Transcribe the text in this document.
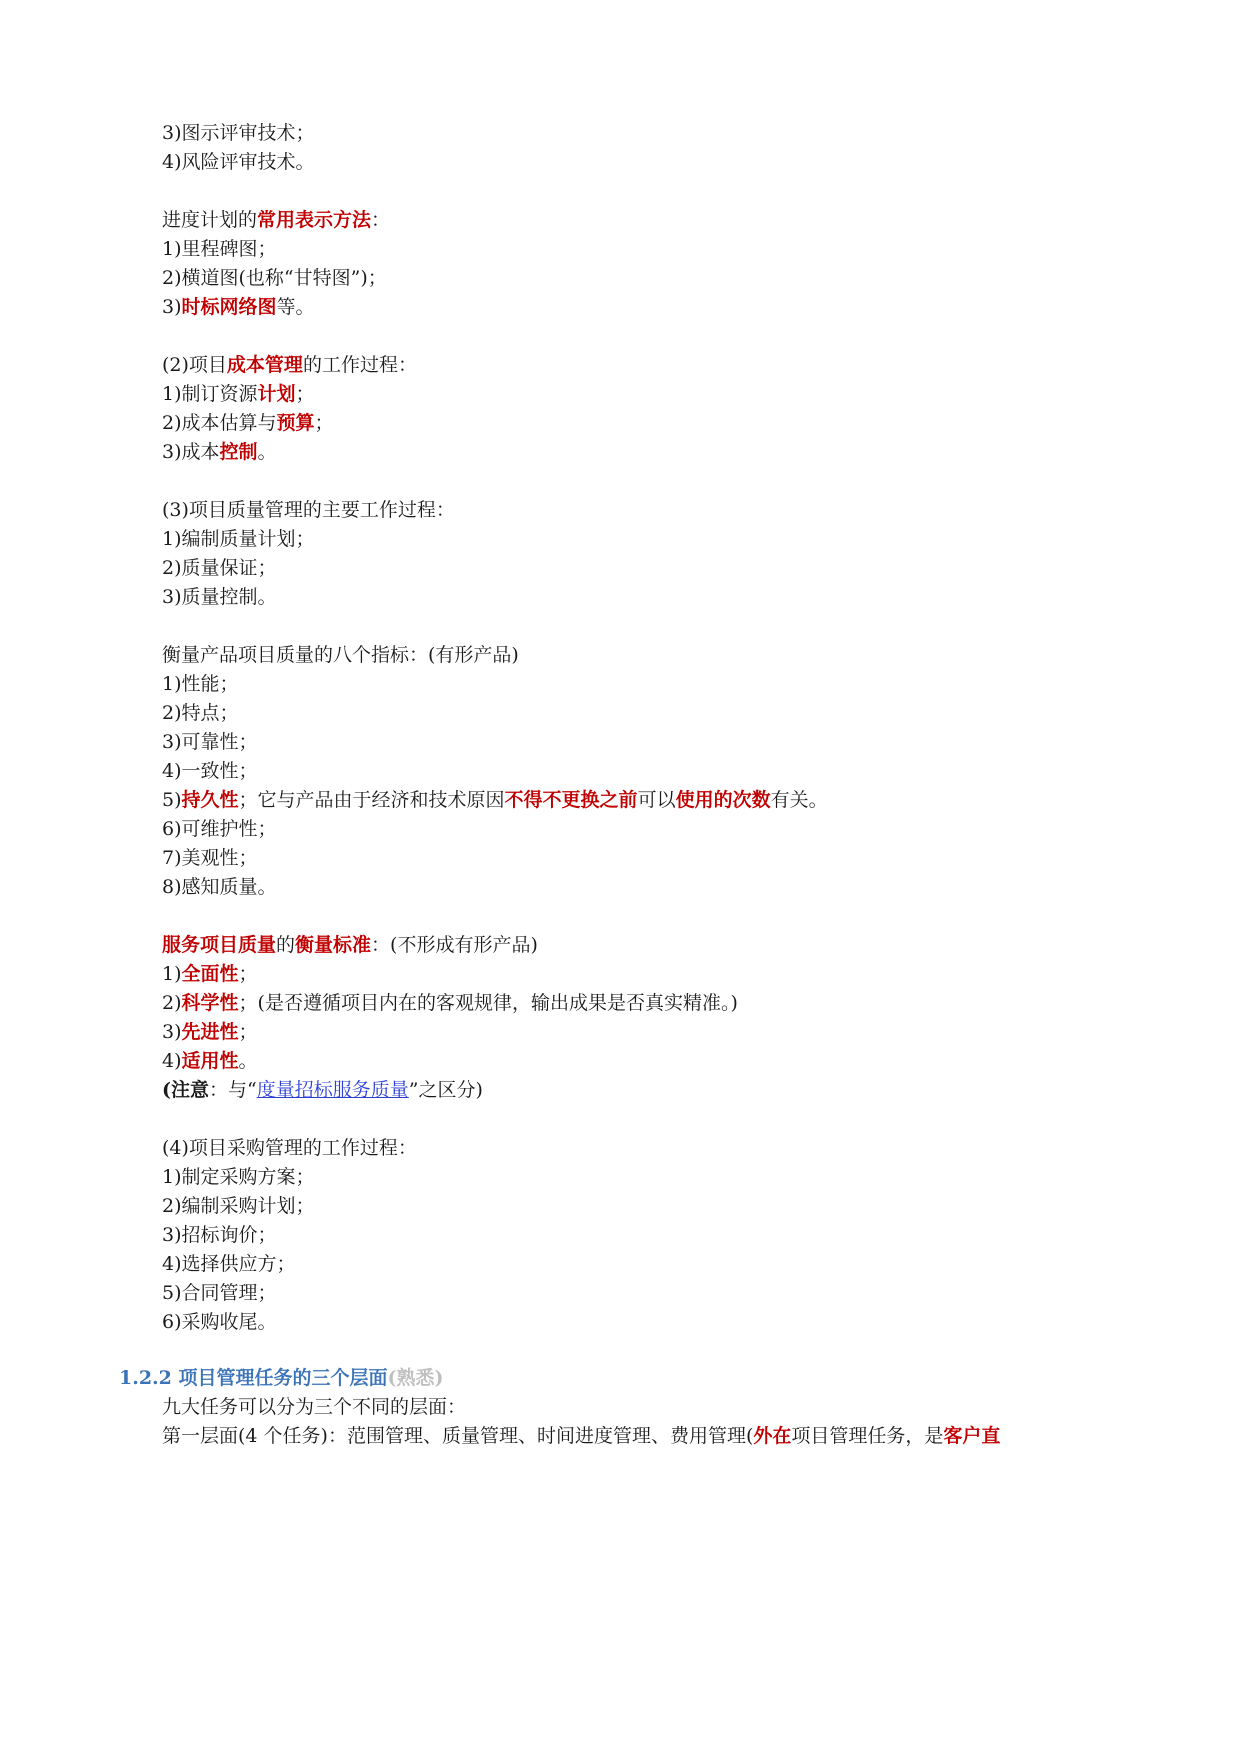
3)图示评审技术；
4)风险评审技术。
进度计划的常用表示方法：
1)里程碑图；
2)横道图(也称“甘特图”)；
3)时标网络图等。
(2)项目成本管理的工作过程：
1)制订资源计划；
2)成本估算与预算；
3)成本控制。
(3)项目质量管理的主要工作过程：
1)编制质量计划；
2)质量保证；
3)质量控制。
衡量产品项目质量的八个指标：(有形产品)
1)性能；
2)特点；
3)可靠性；
4)一致性；
5)持久性；它与产品由于经济和技术原因不得不更换之前可以使用的次数有关。
6)可维护性；
7)美观性；
8)感知质量。
服务项目质量的衡量标准：(不形成有形产品)
1)全面性；
2)科学性；(是否遵循项目内在的客观规律，输出成果是否真实精准。)
3)先进性；
4)适用性。
(注意：与“度量招标服务质量”之区分)
(4)项目采购管理的工作过程：
1)制定采购方案；
2)编制采购计划；
3)招标询价；
4)选择供应方；
5)合同管理；
6)采购收尾。
1.2.2 项目管理任务的三个层面(熟悉)
九大任务可以分为三个不同的层面：
第一层面(4 个任务)：范围管理、质量管理、时间进度管理、费用管理(外在项目管理任务，是客户直
